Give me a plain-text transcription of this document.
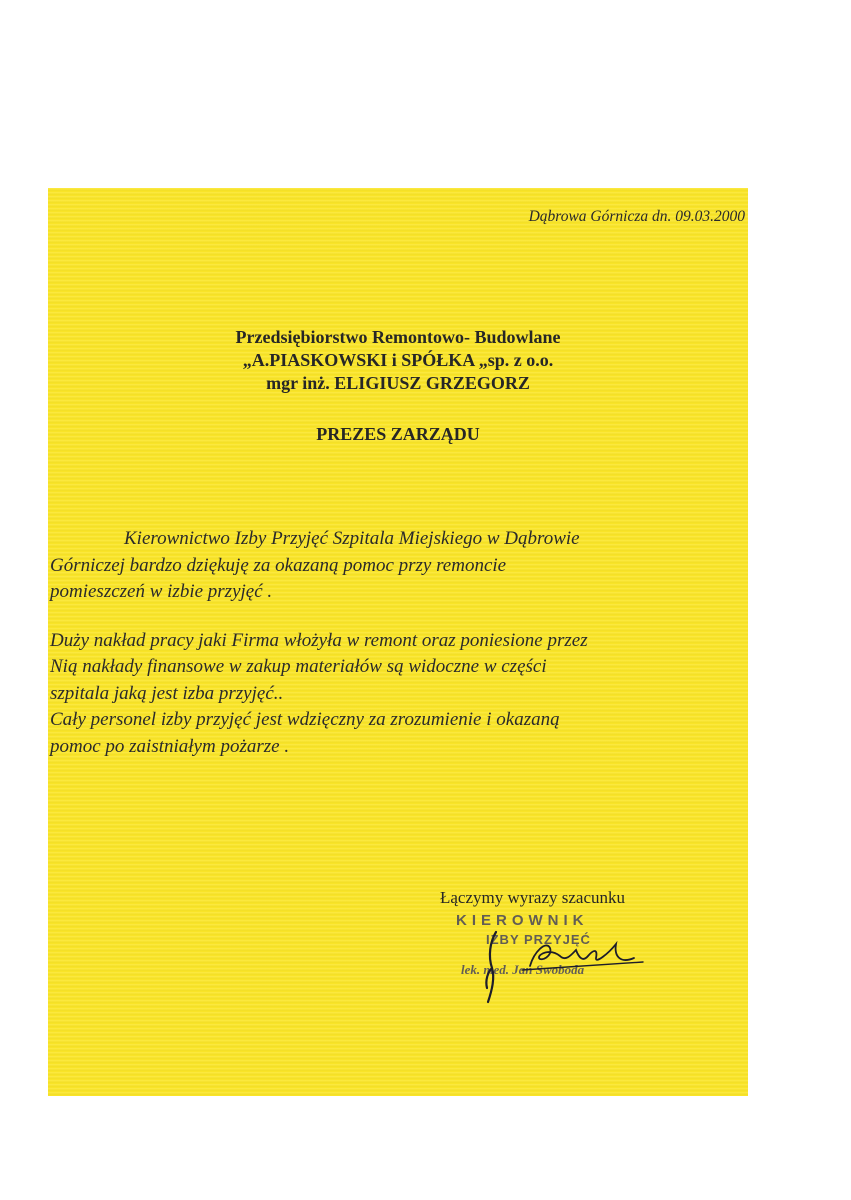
Dąbrowa Górnicza dn. 09.03.2000
Przedsiębiorstwo Remontowo- Budowlane
„A.PIASKOWSKI i SPÓŁKA „sp. z o.o.
mgr inż. ELIGIUSZ GRZEGORZ
PREZES ZARZĄDU
Kierownictwo Izby Przyjęć Szpitala Miejskiego w Dąbrowie
Górniczej bardzo dziękuję za okazaną pomoc przy remoncie
pomieszczeń w izbie przyjęć .
Duży nakład pracy jaki Firma włożyła w remont oraz poniesione przez
Nią nakłady finansowe w zakup materiałów są widoczne w części
szpitala jaką jest izba przyjęć..
Cały personel izby przyjęć jest wdzięczny za zrozumienie i okazaną
pomoc po zaistniałym pożarze .
Łączymy wyrazy szacunku
KIEROWNIK
IZBY PRZYJĘĆ
lek. med. Jan Swoboda
